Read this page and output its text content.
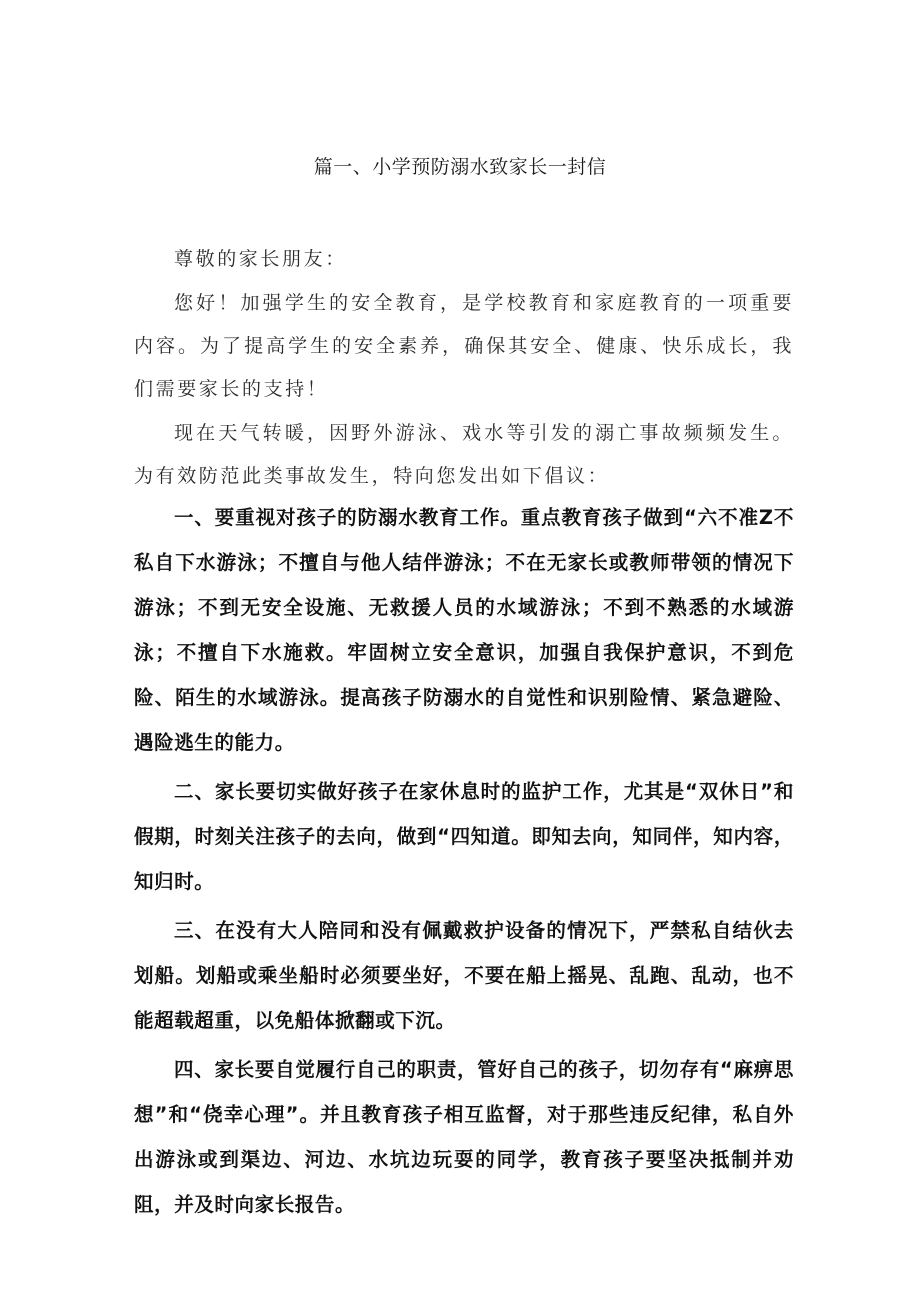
篇一、小学预防溺水致家长一封信

尊敬的家长朋友：

您好！加强学生的安全教育，是学校教育和家庭教育的一项重要内容。为了提高学生的安全素养，确保其安全、健康、快乐成长，我们需要家长的支持！

现在天气转暖，因野外游泳、戏水等引发的溺亡事故频频发生。为有效防范此类事故发生，特向您发出如下倡议：

一、要重视对孩子的防溺水教育工作。重点教育孩子做到“六不准Z不私自下水游泳；不擅自与他人结伴游泳；不在无家长或教师带领的情况下游泳；不到无安全设施、无救援人员的水域游泳；不到不熟悉的水域游泳；不擅自下水施救。牢固树立安全意识，加强自我保护意识，不到危险、陌生的水域游泳。提高孩子防溺水的自觉性和识别险情、紧急避险、遇险逃生的能力。

二、家长要切实做好孩子在家休息时的监护工作，尤其是“双休日”和假期，时刻关注孩子的去向，做到“四知道。即知去向，知同伴，知内容，知归时。

三、在没有大人陪同和没有佩戴救护设备的情况下，严禁私自结伙去划船。划船或乘坐船时必须要坐好，不要在船上摇晃、乱跑、乱动，也不能超载超重，以免船体掀翻或下沉。

四、家长要自觉履行自己的职责，管好自己的孩子，切勿存有“麻痹思想”和“侥幸心理”。并且教育孩子相互监督，对于那些违反纪律，私自外出游泳或到渠边、河边、水坑边玩耍的同学，教育孩子要坚决抵制并劝阻，并及时向家长报告。
